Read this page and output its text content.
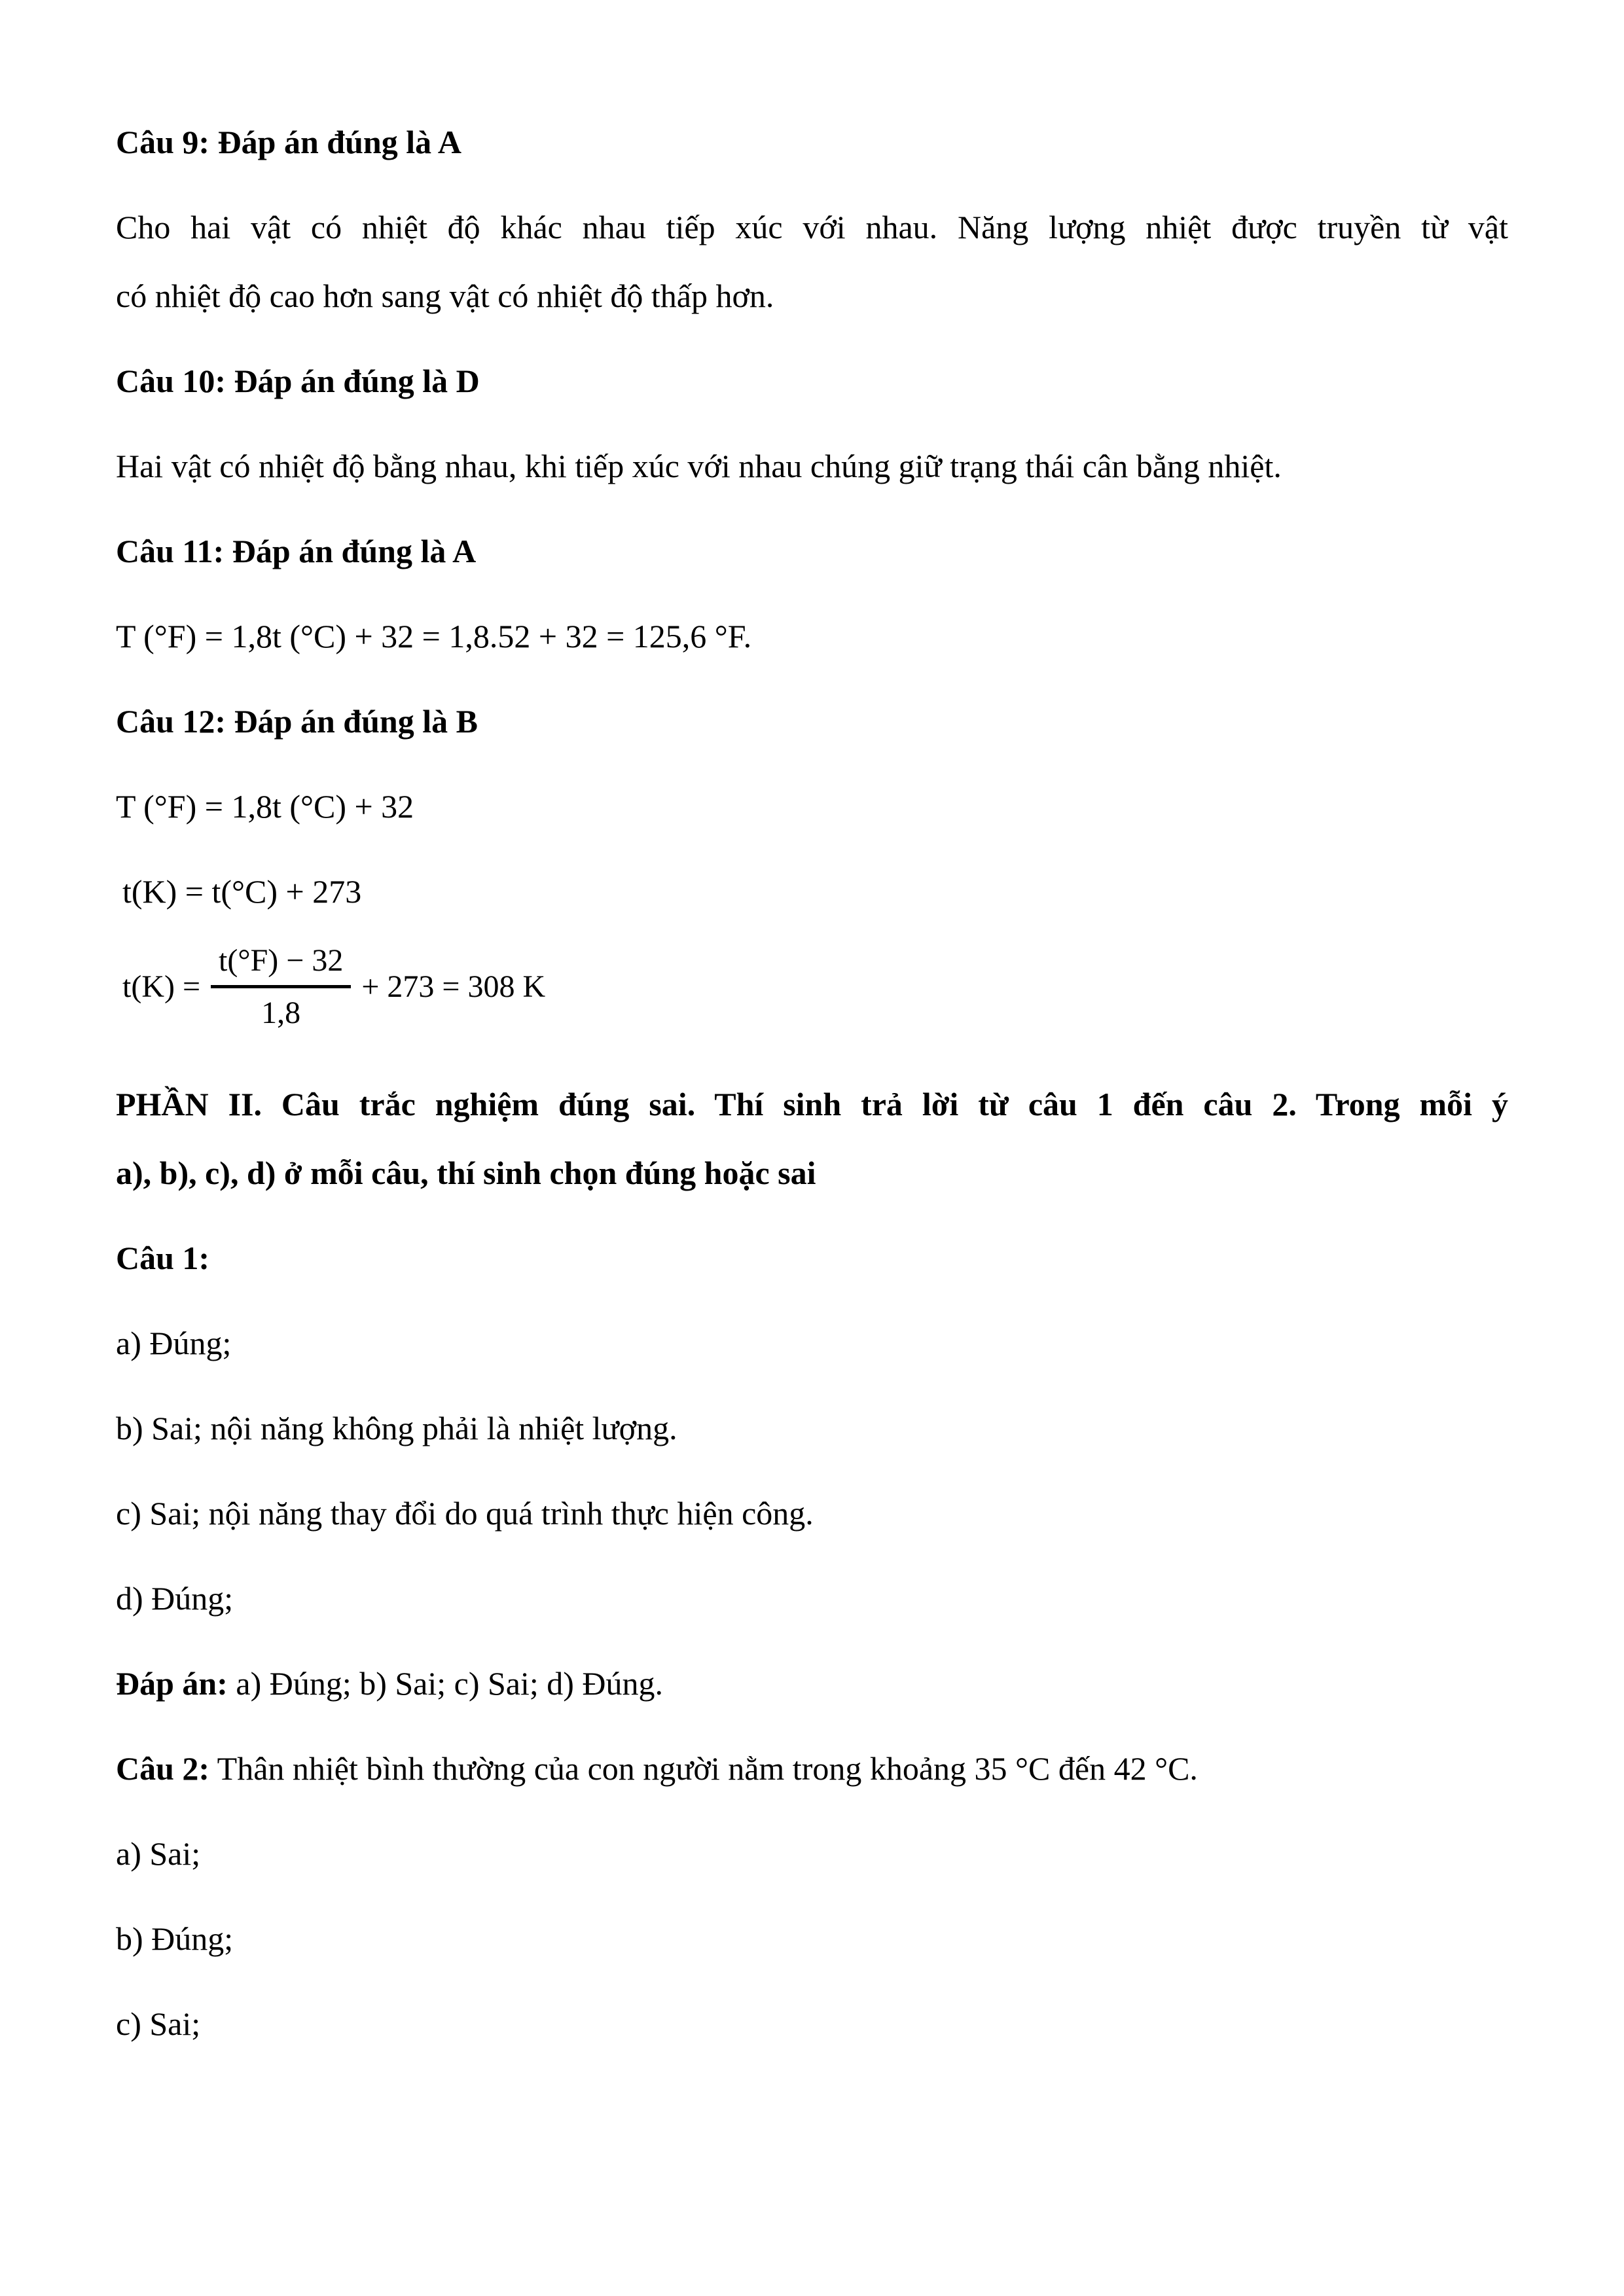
Câu 9: Đáp án đúng là A

Cho hai vật có nhiệt độ khác nhau tiếp xúc với nhau. Năng lượng nhiệt được truyền từ vật
có nhiệt độ cao hơn sang vật có nhiệt độ thấp hơn.

Câu 10: Đáp án đúng là D

Hai vật có nhiệt độ bằng nhau, khi tiếp xúc với nhau chúng giữ trạng thái cân bằng nhiệt.

Câu 11: Đáp án đúng là A

T (°F) = 1,8t (°C) + 32 = 1,8.52 + 32 = 125,6 °F.

Câu 12: Đáp án đúng là B

T (°F) = 1,8t (°C) + 32

t(K) = t(°C) + 273

$t(K) = \frac{t(^\circ F) - 32}{1,8} + 273 = 308$ K

PHẦN II. Câu trắc nghiệm đúng sai. Thí sinh trả lời từ câu 1 đến câu 2. Trong mỗi ý
a), b), c), d) ở mỗi câu, thí sinh chọn đúng hoặc sai

Câu 1:

a) Đúng;

b) Sai; nội năng không phải là nhiệt lượng.

c) Sai; nội năng thay đổi do quá trình thực hiện công.

d) Đúng;

Đáp án: a) Đúng; b) Sai; c) Sai; d) Đúng.

Câu 2: Thân nhiệt bình thường của con người nằm trong khoảng 35 °C đến 42 °C.

a) Sai;

b) Đúng;

c) Sai;
